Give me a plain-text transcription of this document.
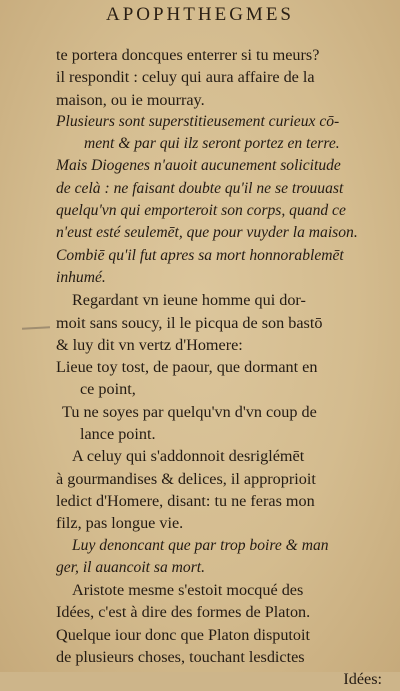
APOPHTHEGMES
te portera doncques enterrer si tu meurs?
il respondit : celuy qui aura affaire de la
maison, ou ie mourray.
Plusieurs sont superstitieusement curieux cō-
ment & par qui ilz seront portez en terre.
Mais Diogenes n'auoit aucunement solicitude
de celà : ne faisant doubte qu'il ne se trouuast
quelqu'vn qui emporteroit son corps, quand ce
n'eust esté seulemēt, que pour vuyder la maison.
Combiē qu'il fut apres sa mort honnorablemēt
inhumé.
Regardant vn ieune homme qui dor-
moit sans soucy, il le picqua de son bastō
& luy dit vn vertz d'Homere:
Lieue toy tost, de paour, que dormant en
ce point,
Tu ne soyes par quelqu'vn d'vn coup de
lance point.
A celuy qui s'addonnoit desriglémēt
à gourmandises & delices, il approprioit
ledict d'Homere, disant: tu ne feras mon
filz, pas longue vie.
Luy denoncant que par trop boire & man
ger, il auancoit sa mort.
Aristote mesme s'estoit mocqué des
Idées, c'est à dire des formes de Platon.
Quelque iour donc que Platon disputoit
de plusieurs choses, touchant lesdictes
Idées:
